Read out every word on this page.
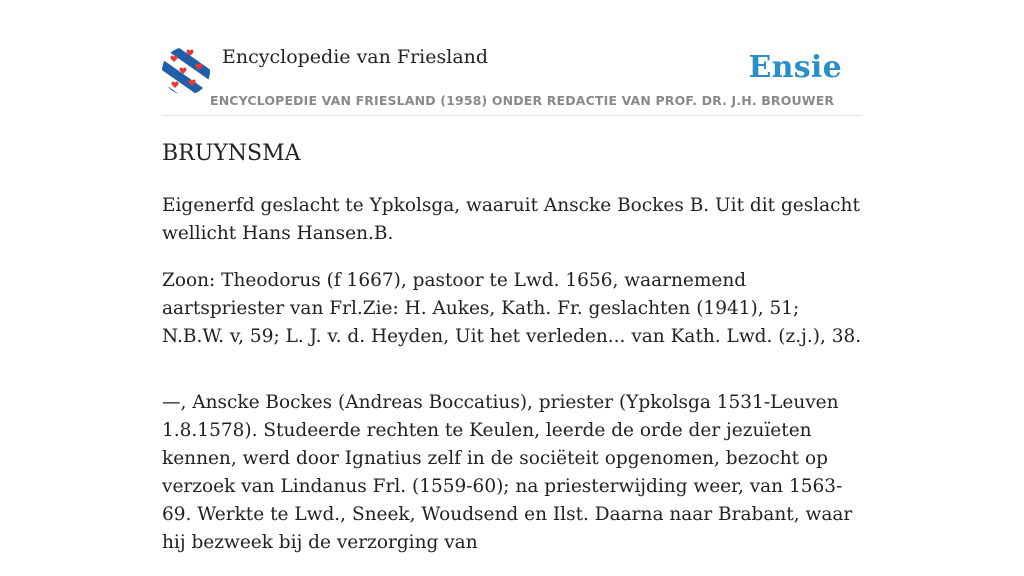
Encyclopedie van Friesland	Ensie
ENCYCLOPEDIE VAN FRIESLAND (1958) ONDER REDACTIE VAN PROF. DR. J.H. BROUWER
BRUYNSMA

Eigenerfd geslacht te Ypkolsga, waaruit Anscke Bockes B. Uit dit geslacht wellicht Hans Hansen.B.

Zoon: Theodorus (f 1667), pastoor te Lwd. 1656, waarnemend aartspriester van Frl.Zie: H. Aukes, Kath. Fr. geslachten (1941), 51; N.B.W. v, 59; L. J. v. d. Heyden, Uit het verleden... van Kath. Lwd. (z.j.), 38.

—, Anscke Bockes (Andreas Boccatius), priester (Ypkolsga 1531-Leuven 1.8.1578). Studeerde rechten te Keulen, leerde de orde der jezuïeten kennen, werd door Ignatius zelf in de sociëteit opgenomen, bezocht op verzoek van Lindanus Frl. (1559-60); na priesterwijding weer, van 1563-69. Werkte te Lwd., Sneek, Woudsend en Ilst. Daarna naar Brabant, waar hij bezweek bij de verzorging van
